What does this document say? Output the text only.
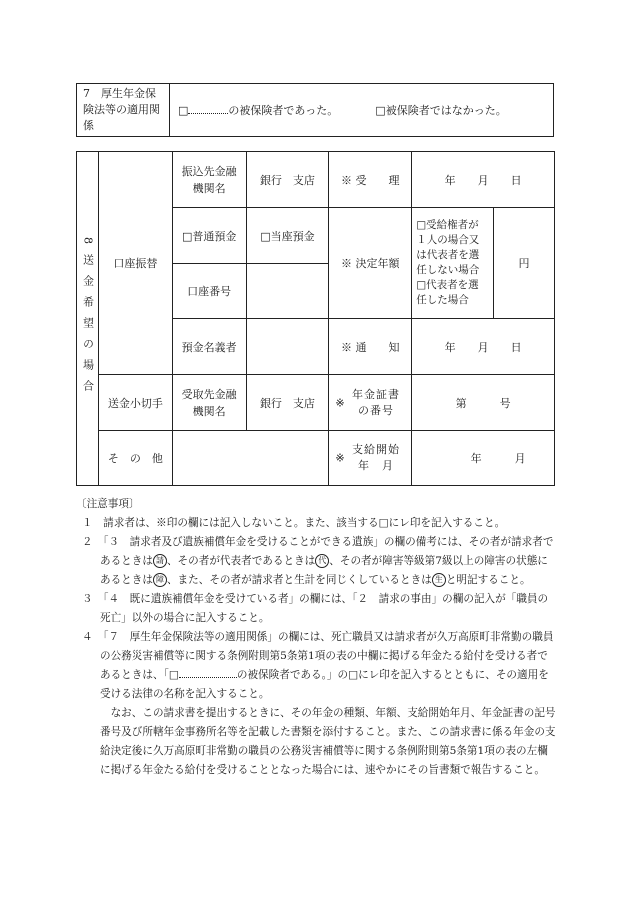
7　厚生年金保険法等の適用関係	□	の被保険者であった。	□被保険者ではなかった。
8送金希望の場合	口座振替	振込先金融機関名	銀行　支店	※ 受　　理	年　　月　　日	
		□普通預金	□当座預金	※ 決定年額	□受給権者が１人の場合又は代表者を選任しない場合□代表者を選任した場合	円
		口座番号				
		預金名義者		※ 通　　知	年　　月　　日	
	送金小切手	受取先金融機関名	銀行　支店	※ 年金証書の番号	第　　　号	
	そ　の　他			※ 支給開始年　月	年　　　月	

〔注意事項〕

１　請求者は、※印の欄には記入しないこと。また、該当する□にレ印を記入すること。

２　「３　請求者及び遺族補償年金を受けることができる遺族」の欄の備考には、その者が請求者であるときは 請 、その者が代表者であるときは 代 、その者が障害等級第7級以上の障害の状態にあるときは 障 、また、その者が請求者と生計を同じくしているときは 生 と明記すること。

３　「４　既に遺族補償年金を受けている者」の欄には、「２　請求の事由」の欄の記入が「職員の死亡」以外の場合に記入すること。

４　「７　厚生年金保険法等の適用関係」の欄には、死亡職員又は請求者が久万高原町非常勤の職員の公務災害補償等に関する条例附則第5条第1項の表の中欄に掲げる年金たる給付を受ける者であるときは、「□	の被保険者である。」の□にレ印を記入するとともに、その適用を受ける法律の名称を記入すること。

　なお、この請求書を提出するときに、その年金の種類、年額、支給開始年月、年金証書の記号番号及び所轄年金事務所名等を記載した書類を添付すること。また、この請求書に係る年金の支給決定後に久万高原町非常勤の職員の公務災害補償等に関する条例附則第5条第1項の表の左欄に掲げる年金たる給付を受けることとなった場合には、速やかにその旨書類で報告すること。
